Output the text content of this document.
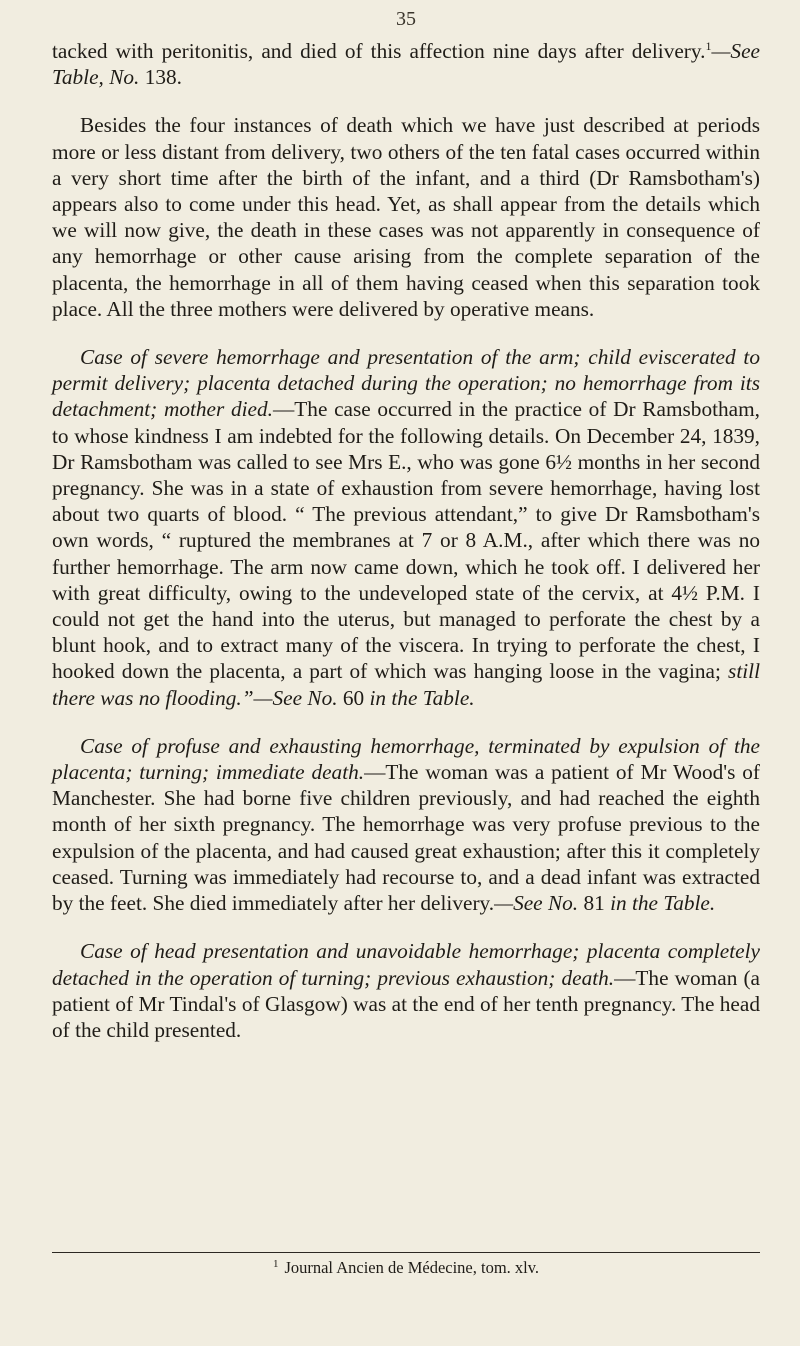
35

tacked with peritonitis, and died of this affection nine days after delivery.$^1$—See Table, No. 138.

Besides the four instances of death which we have just described at periods more or less distant from delivery, two others of the ten fatal cases occurred within a very short time after the birth of the infant, and a third (Dr Ramsbotham's) appears also to come under this head. Yet, as shall appear from the details which we will now give, the death in these cases was not apparently in consequence of any hemorrhage or other cause arising from the complete separation of the placenta, the hemorrhage in all of them having ceased when this separation took place. All the three mothers were delivered by operative means.

Case of severe hemorrhage and presentation of the arm; child eviscerated to permit delivery; placenta detached during the operation; no hemorrhage from its detachment; mother died.—The case occurred in the practice of Dr Ramsbotham, to whose kindness I am indebted for the following details. On December 24, 1839, Dr Ramsbotham was called to see Mrs E., who was gone 6½ months in her second pregnancy. She was in a state of exhaustion from severe hemorrhage, having lost about two quarts of blood. “ The previous attendant,” to give Dr Ramsbotham's own words, “ ruptured the membranes at 7 or 8 A.M., after which there was no further hemorrhage. The arm now came down, which he took off. I delivered her with great difficulty, owing to the undeveloped state of the cervix, at 4½ P.M. I could not get the hand into the uterus, but managed to perforate the chest by a blunt hook, and to extract many of the viscera. In trying to perforate the chest, I hooked down the placenta, a part of which was hanging loose in the vagina; still there was no flooding.”—See No. 60 in the Table.

Case of profuse and exhausting hemorrhage, terminated by expulsion of the placenta; turning; immediate death.—The woman was a patient of Mr Wood's of Manchester. She had borne five children previously, and had reached the eighth month of her sixth pregnancy. The hemorrhage was very profuse previous to the expulsion of the placenta, and had caused great exhaustion; after this it completely ceased. Turning was immediately had recourse to, and a dead infant was extracted by the feet. She died immediately after her delivery.—See No. 81 in the Table.

Case of head presentation and unavoidable hemorrhage; placenta completely detached in the operation of turning; previous exhaustion; death.—The woman (a patient of Mr Tindal's of Glasgow) was at the end of her tenth pregnancy. The head of the child presented.

$^1$ Journal Ancien de Médecine, tom. xlv.
